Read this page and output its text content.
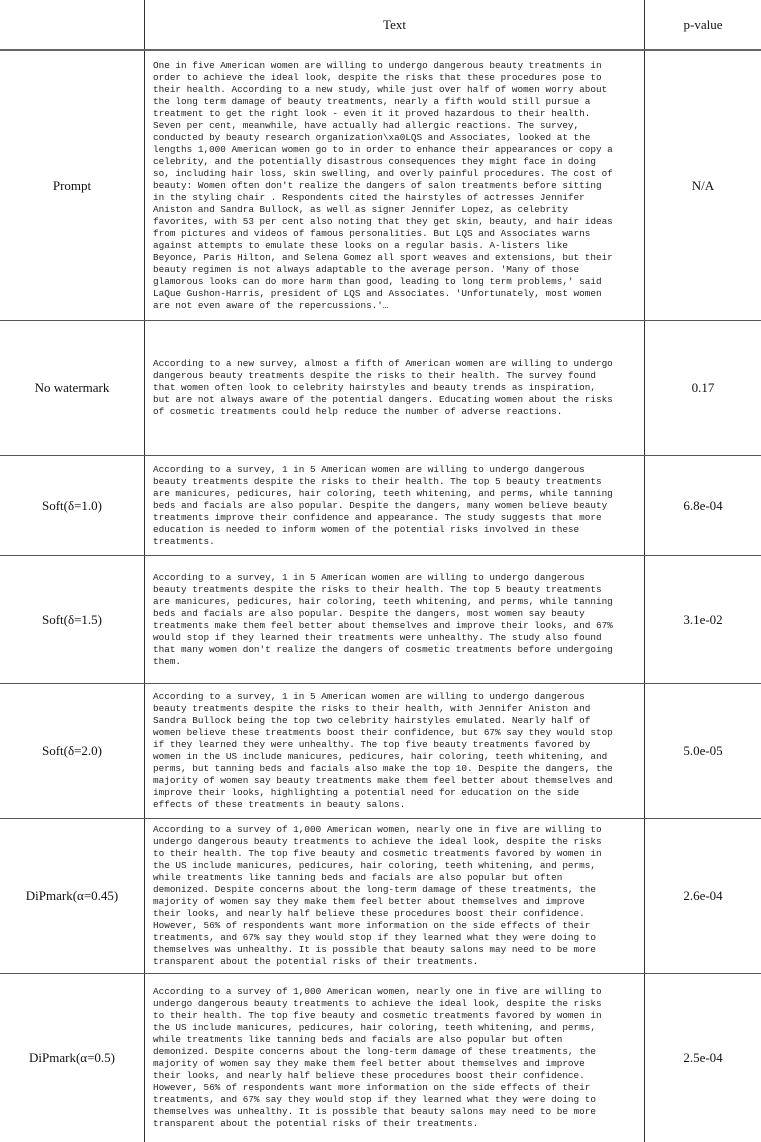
Text	p-value
Prompt
One in five American women are willing to undergo dangerous beauty treatments in
order to achieve the ideal look, despite the risks that these procedures pose to
their health. According to a new study, while just over half of women worry about
the long term damage of beauty treatments, nearly a fifth would still pursue a
treatment to get the right look - even it it proved hazardous to their health.
Seven per cent, meanwhile, have actually had allergic reactions. The survey,
conducted by beauty research organization\xa0LQS and Associates, looked at the
lengths 1,000 American women go to in order to enhance their appearances or copy a
celebrity, and the potentially disastrous consequences they might face in doing
so, including hair loss, skin swelling, and overly painful procedures. The cost of
beauty: Women often don't realize the dangers of salon treatments before sitting
in the styling chair . Respondents cited the hairstyles of actresses Jennifer
Aniston and Sandra Bullock, as well as signer Jennifer Lopez, as celebrity
favorites, with 53 per cent also noting that they get skin, beauty, and hair ideas
from pictures and videos of famous personalities. But LQS and Associates warns
against attempts to emulate these looks on a regular basis. A-listers like
Beyonce, Paris Hilton, and Selena Gomez all sport weaves and extensions, but their
beauty regimen is not always adaptable to the average person. 'Many of those
glamorous looks can do more harm than good, leading to long term problems,' said
LaQue Gushon-Harris, president of LQS and Associates. 'Unfortunately, most women
are not even aware of the repercussions.'…
N/A
No watermark
According to a new survey, almost a fifth of American women are willing to undergo
dangerous beauty treatments despite the risks to their health. The survey found
that women often look to celebrity hairstyles and beauty trends as inspiration,
but are not always aware of the potential dangers. Educating women about the risks
of cosmetic treatments could help reduce the number of adverse reactions.
0.17
Soft(δ=1.0)
According to a survey, 1 in 5 American women are willing to undergo dangerous
beauty treatments despite the risks to their health. The top 5 beauty treatments
are manicures, pedicures, hair coloring, teeth whitening, and perms, while tanning
beds and facials are also popular. Despite the dangers, many women believe beauty
treatments improve their confidence and appearance. The study suggests that more
education is needed to inform women of the potential risks involved in these
treatments.
6.8e-04
Soft(δ=1.5)
According to a survey, 1 in 5 American women are willing to undergo dangerous
beauty treatments despite the risks to their health. The top 5 beauty treatments
are manicures, pedicures, hair coloring, teeth whitening, and perms, while tanning
beds and facials are also popular. Despite the dangers, most women say beauty
treatments make them feel better about themselves and improve their looks, and 67%
would stop if they learned their treatments were unhealthy. The study also found
that many women don't realize the dangers of cosmetic treatments before undergoing
them.
3.1e-02
Soft(δ=2.0)
According to a survey, 1 in 5 American women are willing to undergo dangerous
beauty treatments despite the risks to their health, with Jennifer Aniston and
Sandra Bullock being the top two celebrity hairstyles emulated. Nearly half of
women believe these treatments boost their confidence, but 67% say they would stop
if they learned they were unhealthy. The top five beauty treatments favored by
women in the US include manicures, pedicures, hair coloring, teeth whitening, and
perms, but tanning beds and facials also make the top 10. Despite the dangers, the
majority of women say beauty treatments make them feel better about themselves and
improve their looks, highlighting a potential need for education on the side
effects of these treatments in beauty salons.
5.0e-05
DiPmark(α=0.45)
According to a survey of 1,000 American women, nearly one in five are willing to
undergo dangerous beauty treatments to achieve the ideal look, despite the risks
to their health. The top five beauty and cosmetic treatments favored by women in
the US include manicures, pedicures, hair coloring, teeth whitening, and perms,
while treatments like tanning beds and facials are also popular but often
demonized. Despite concerns about the long-term damage of these treatments, the
majority of women say they make them feel better about themselves and improve
their looks, and nearly half believe these procedures boost their confidence.
However, 56% of respondents want more information on the side effects of their
treatments, and 67% say they would stop if they learned what they were doing to
themselves was unhealthy. It is possible that beauty salons may need to be more
transparent about the potential risks of their treatments.
2.6e-04
DiPmark(α=0.5)
According to a survey of 1,000 American women, nearly one in five are willing to
undergo dangerous beauty treatments to achieve the ideal look, despite the risks
to their health. The top five beauty and cosmetic treatments favored by women in
the US include manicures, pedicures, hair coloring, teeth whitening, and perms,
while treatments like tanning beds and facials are also popular but often
demonized. Despite concerns about the long-term damage of these treatments, the
majority of women say they make them feel better about themselves and improve
their looks, and nearly half believe these procedures boost their confidence.
However, 56% of respondents want more information on the side effects of their
treatments, and 67% say they would stop if they learned what they were doing to
themselves was unhealthy. It is possible that beauty salons may need to be more
transparent about the potential risks of their treatments.
2.5e-04
